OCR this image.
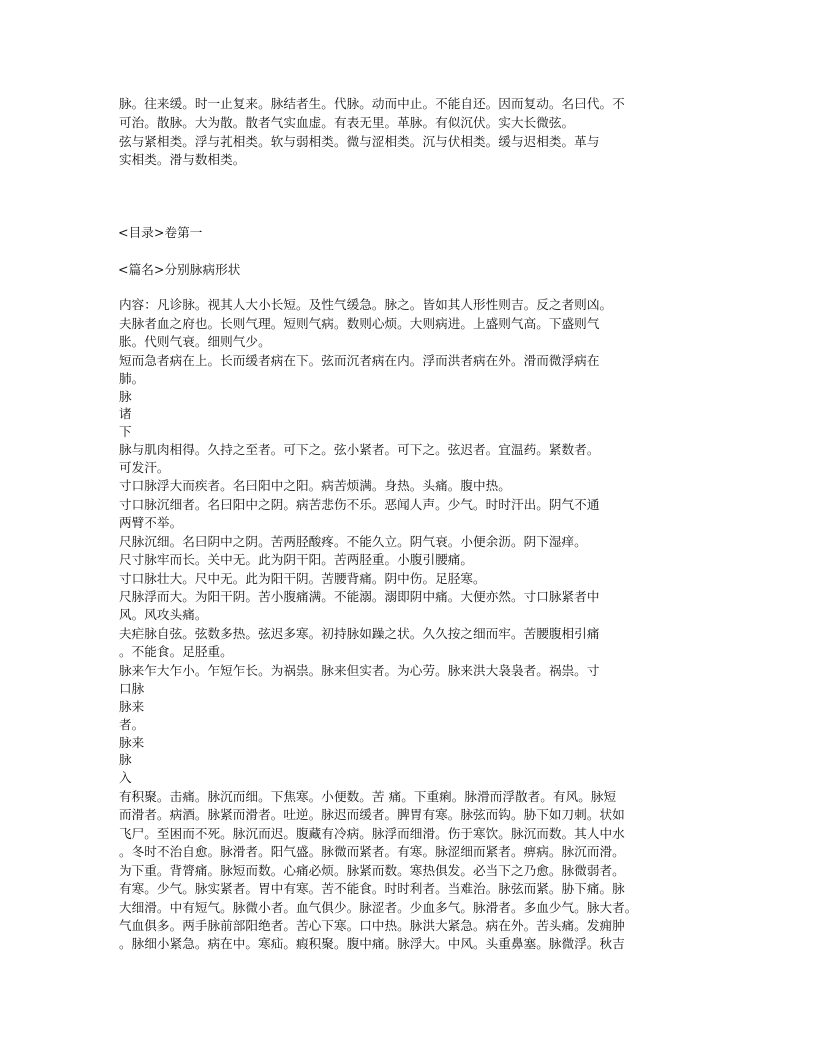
脉。往来缓。时一止复来。脉结者生。代脉。动而中止。不能自还。因而复动。名曰代。不
可治。散脉。大为散。散者气实血虚。有表无里。革脉。有似沉伏。实大长微弦。
弦与紧相类。浮与芤相类。软与弱相类。微与涩相类。沉与伏相类。缓与迟相类。革与
实相类。滑与数相类。
<目录>卷第一
<篇名>分别脉病形状
内容：凡诊脉。视其人大小长短。及性气缓急。脉之。皆如其人形性则吉。反之者则凶。
夫脉者血之府也。长则气理。短则气病。数则心烦。大则病进。上盛则气高。下盛则气
胀。代则气衰。细则气少。
短而急者病在上。长而缓者病在下。弦而沉者病在内。浮而洪者病在外。滑而微浮病在
肺。
脉
诸
下
脉与肌肉相得。久持之至者。可下之。弦小紧者。可下之。弦迟者。宜温药。紧数者。
可发汗。
寸口脉浮大而疾者。名曰阳中之阳。病苦烦满。身热。头痛。腹中热。
寸口脉沉细者。名曰阳中之阴。病苦悲伤不乐。恶闻人声。少气。时时汗出。阴气不通
两臂不举。
尺脉沉细。名曰阴中之阴。苦两胫酸疼。不能久立。阴气衰。小便余沥。阴下湿痒。
尺寸脉牢而长。关中无。此为阴干阳。苦两胫重。小腹引腰痛。
寸口脉壮大。尺中无。此为阳干阴。苦腰背痛。阴中伤。足胫寒。
尺脉浮而大。为阳干阴。苦小腹痛满。不能溺。溺即阴中痛。大便亦然。寸口脉紧者中
风。风攻头痛。
夫疟脉自弦。弦数多热。弦迟多寒。初持脉如躁之状。久久按之细而牢。苦腰腹相引痛
。不能食。足胫重。
脉来乍大乍小。乍短乍长。为祸祟。脉来但实者。为心劳。脉来洪大袅袅者。祸祟。寸
口脉
脉来
者。
脉来
脉
入
有积聚。击痛。脉沉而细。下焦寒。小便数。苦 痛。下重痢。脉滑而浮散者。有风。脉短
而滑者。病酒。脉紧而滑者。吐逆。脉迟而缓者。脾胃有寒。脉弦而钩。胁下如刀刺。状如
飞尸。至困而不死。脉沉而迟。腹藏有冷病。脉浮而细滑。伤于寒饮。脉沉而数。其人中水
。冬时不治自愈。脉滑者。阳气盛。脉微而紧者。有寒。脉涩细而紧者。痹病。脉沉而滑。
为下重。背膂痛。脉短而数。心痛必烦。脉紧而数。寒热俱发。必当下之乃愈。脉微弱者。
有寒。少气。脉实紧者。胃中有寒。苦不能食。时时利者。当难治。脉弦而紧。胁下痛。脉
大细滑。中有短气。脉微小者。血气俱少。脉涩者。少血多气。脉滑者。多血少气。脉大者。
气血俱多。两手脉前部阳绝者。苦心下寒。口中热。脉洪大紧急。病在外。苦头痛。发痈肿
。脉细小紧急。病在中。寒疝。瘕积聚。腹中痛。脉浮大。中风。头重鼻塞。脉微浮。秋吉
